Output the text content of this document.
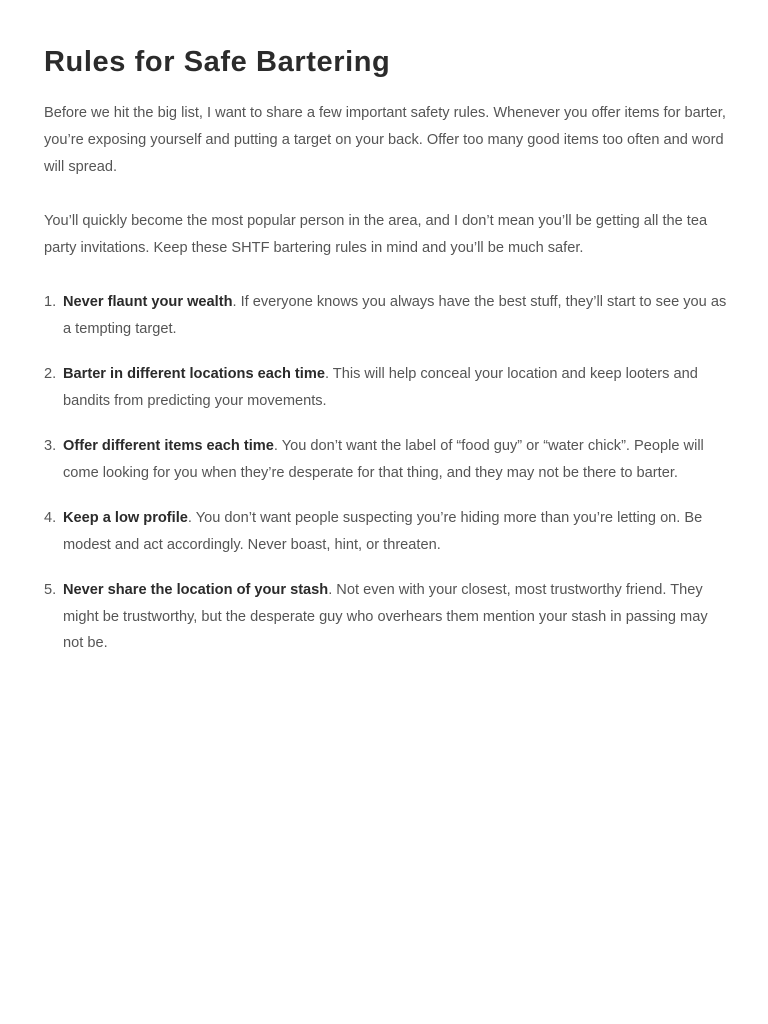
Rules for Safe Bartering

Before we hit the big list, I want to share a few important safety rules. Whenever you offer items for barter, you’re exposing yourself and putting a target on your back. Offer too many good items too often and word will spread.

You’ll quickly become the most popular person in the area, and I don’t mean you’ll be getting all the tea party invitations. Keep these SHTF bartering rules in mind and you’ll be much safer.

1. Never flaunt your wealth. If everyone knows you always have the best stuff, they’ll start to see you as a tempting target.
2. Barter in different locations each time. This will help conceal your location and keep looters and bandits from predicting your movements.
3. Offer different items each time. You don’t want the label of “food guy” or “water chick”. People will come looking for you when they’re desperate for that thing, and they may not be there to barter.
4. Keep a low profile. You don’t want people suspecting you’re hiding more than you’re letting on. Be modest and act accordingly. Never boast, hint, or threaten.
5. Never share the location of your stash. Not even with your closest, most trustworthy friend. They might be trustworthy, but the desperate guy who overhears them mention your stash in passing may not be.
